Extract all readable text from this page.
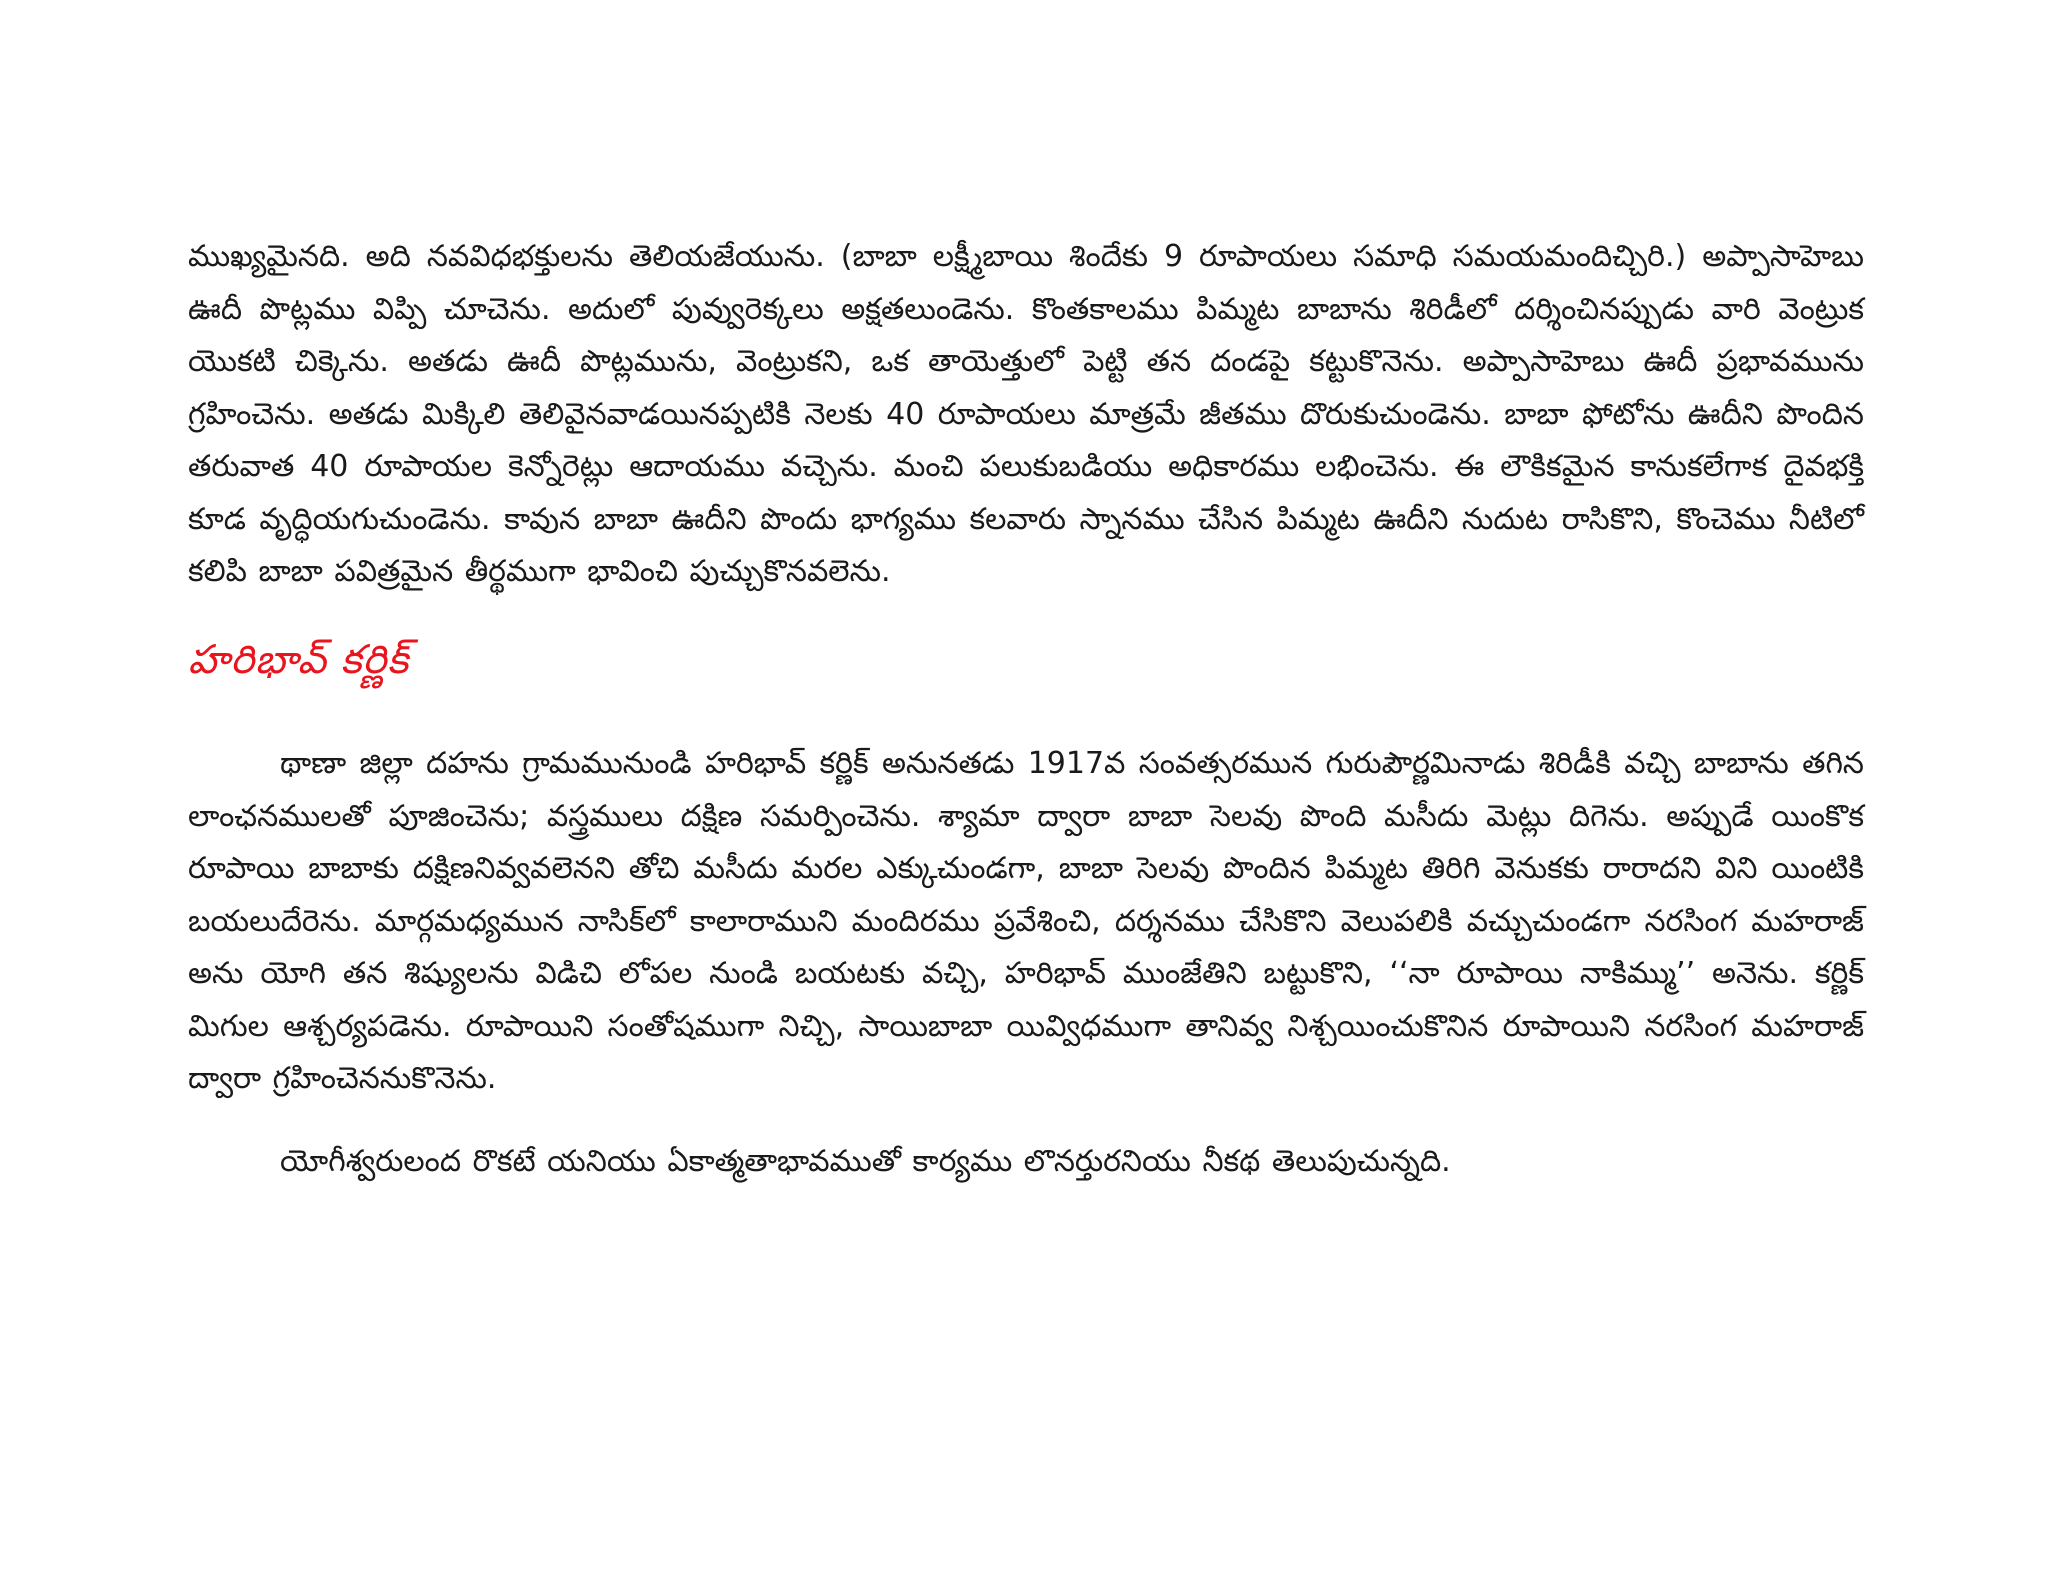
ముఖ్యమైనది. అది నవవిధభక్తులను తెలియజేయును. (బాబా లక్ష్మీబాయి శిందేకు 9 రూపాయలు సమాధి సమయమందిచ్చిరి.) అప్పాసాహెబు ఊదీ పొట్లము విప్పి చూచెను. అదులో పువ్వురెక్కలు అక్షతలుండెను. కొంతకాలము పిమ్మట బాబాను శిరిడీలో దర్శించినప్పుడు వారి వెంట్రుక యొకటి చిక్కెను. అతడు ఊదీ పొట్లమును, వెంట్రుకని, ఒక తాయెత్తులో పెట్టి తన దండపై కట్టుకొనెను. అప్పాసాహెబు ఊదీ ప్రభావమును గ్రహించెను. అతడు మిక్కిలి తెలివైనవాడయినప్పటికి నెలకు 40 రూపాయలు మాత్రమే జీతము దొరుకుచుండెను. బాబా ఫోటోను ఊదీని పొందిన తరువాత 40 రూపాయల కెన్నోరెట్లు ఆదాయము వచ్చెను. మంచి పలుకుబడియు అధికారము లభించెను. ఈ లౌకికమైన కానుకలేగాక దైవభక్తి కూడ వృద్ధియగుచుండెను. కావున బాబా ఊదీని పొందు భాగ్యము కలవారు స్నానము చేసిన పిమ్మట ఊదీని నుదుట రాసికొని, కొంచెము నీటిలో కలిపి బాబా పవిత్రమైన తీర్థముగా భావించి పుచ్చుకొనవలెను.

హరిభావ్ కర్ణిక్

థాణా జిల్లా దహను గ్రామమునుండి హరిభావ్ కర్ణిక్ అనునతడు 1917వ సంవత్సరమున గురుపౌర్ణమినాడు శిరిడీకి వచ్చి బాబాను తగిన లాంఛనములతో పూజించెను; వస్త్రములు దక్షిణ సమర్పించెను. శ్యామా ద్వారా బాబా సెలవు పొంది మసీదు మెట్లు దిగెను. అప్పుడే యింకొక రూపాయి బాబాకు దక్షిణనివ్వవలెనని తోచి మసీదు మరల ఎక్కుచుండగా, బాబా సెలవు పొందిన పిమ్మట తిరిగి వెనుకకు రారాదని విని యింటికి బయలుదేరెను. మార్గమధ్యమున నాసిక్‌లో కాలారాముని మందిరము ప్రవేశించి, దర్శనము చేసికొని వెలుపలికి వచ్చుచుండగా నరసింగ మహరాజ్ అను యోగి తన శిష్యులను విడిచి లోపల నుండి బయటకు వచ్చి, హరిభావ్ ముంజేతిని బట్టుకొని, ‘‘నా రూపాయి నాకిమ్ము’’ అనెను. కర్ణిక్ మిగుల ఆశ్చర్యపడెను. రూపాయిని సంతోషముగా నిచ్చి, సాయిబాబా యివ్విధముగా తానివ్వ నిశ్చయించుకొనిన రూపాయిని నరసింగ మహరాజ్ ద్వారా గ్రహించెననుకొనెను.

యోగీశ్వరులంద రొకటే యనియు ఏకాత్మతాభావముతో కార్యము లొనర్తురనియు నీకథ తెలుపుచున్నది.
